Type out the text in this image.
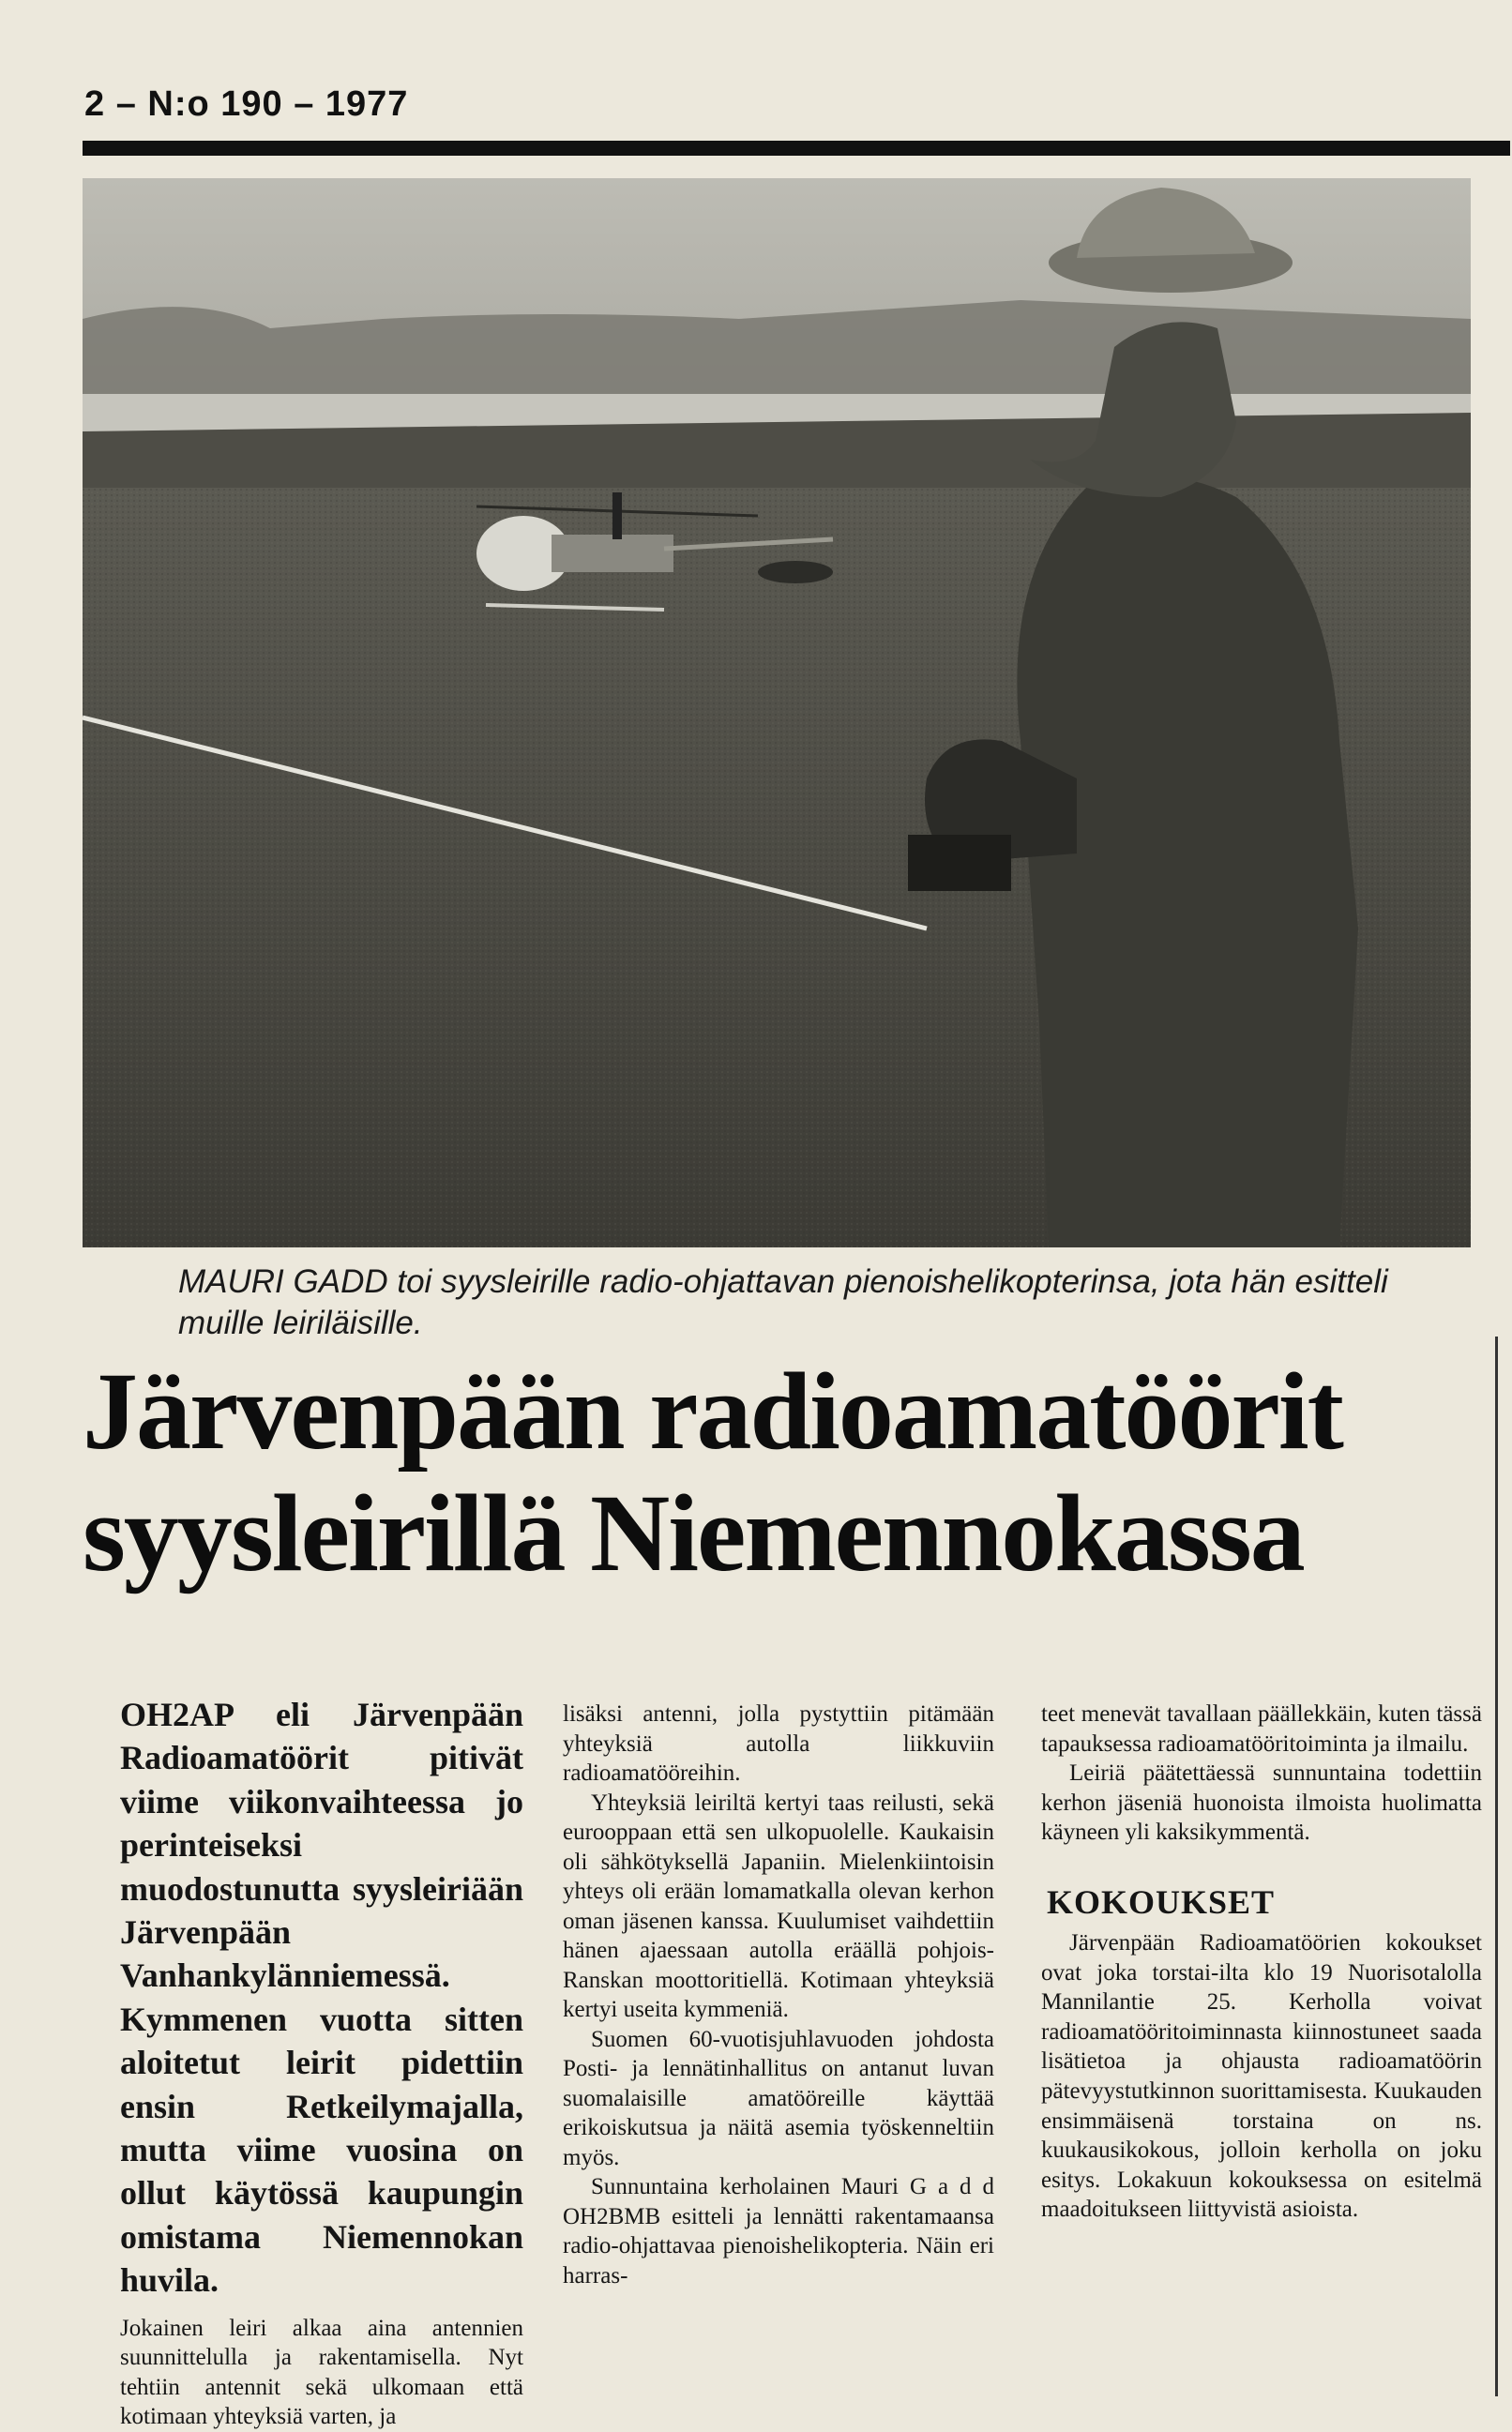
2 – N:o 190 – 1977
MAURI GADD toi syysleirille radio-ohjattavan pienoishelikopterinsa, jota hän esitteli muille leiriläisille.
Järvenpään radioamatöörit
syysleirillä Niemennokassa

OH2AP eli Järvenpään Radioamatöörit pitivät viime viikonvaihteessa jo perinteiseksi muodostunutta syysleiriään Järvenpään Vanhankylänniemessä. Kymmenen vuotta sitten aloitetut leirit pidettiin ensin Retkeilymajalla, mutta viime vuosina on ollut käytössä kaupungin omistama Niemennokan huvila.

Jokainen leiri alkaa aina antennien suunnittelulla ja rakentamisella. Nyt tehtiin antennit sekä ulkomaan että kotimaan yhteyksiä varten, ja

lisäksi antenni, jolla pystyttiin pitämään yhteyksiä autolla liikkuviin radioamatööreihin.

Yhteyksiä leiriltä kertyi taas reilusti, sekä eurooppaan että sen ulkopuolelle. Kaukaisin oli sähkötyksellä Japaniin. Mielenkiintoisin yhteys oli erään lomamatkalla olevan kerhon oman jäsenen kanssa. Kuulumiset vaihdettiin hänen ajaessaan autolla eräällä pohjois-Ranskan moottoritiellä. Kotimaan yhteyksiä kertyi useita kymmeniä.

Suomen 60-vuotisjuhlavuoden johdosta Posti- ja lennätinhallitus on antanut luvan suomalaisille amatööreille käyttää erikoiskutsua ja näitä asemia työskenneltiin myös.

Sunnuntaina kerholainen Mauri G a d d OH2BMB esitteli ja lennätti rakentamaansa radio-ohjattavaa pienoishelikopteria. Näin eri harras-

teet menevät tavallaan päällekkäin, kuten tässä tapauksessa radioamatööritoiminta ja ilmailu.

Leiriä päätettäessä sunnuntaina todettiin kerhon jäseniä huonoista ilmoista huolimatta käyneen yli kaksikymmentä.

KOKOUKSET

Järvenpään Radioamatöörien kokoukset ovat joka torstai-ilta klo 19 Nuorisotalolla Mannilantie 25. Kerholla voivat radioamatööritoiminnasta kiinnostuneet saada lisätietoa ja ohjausta radioamatöörin pätevyystutkinnon suorittamisesta. Kuukauden ensimmäisenä torstaina on ns. kuukausikokous, jolloin kerholla on joku esitys. Lokakuun kokouksessa on esitelmä maadoitukseen liittyvistä asioista.
